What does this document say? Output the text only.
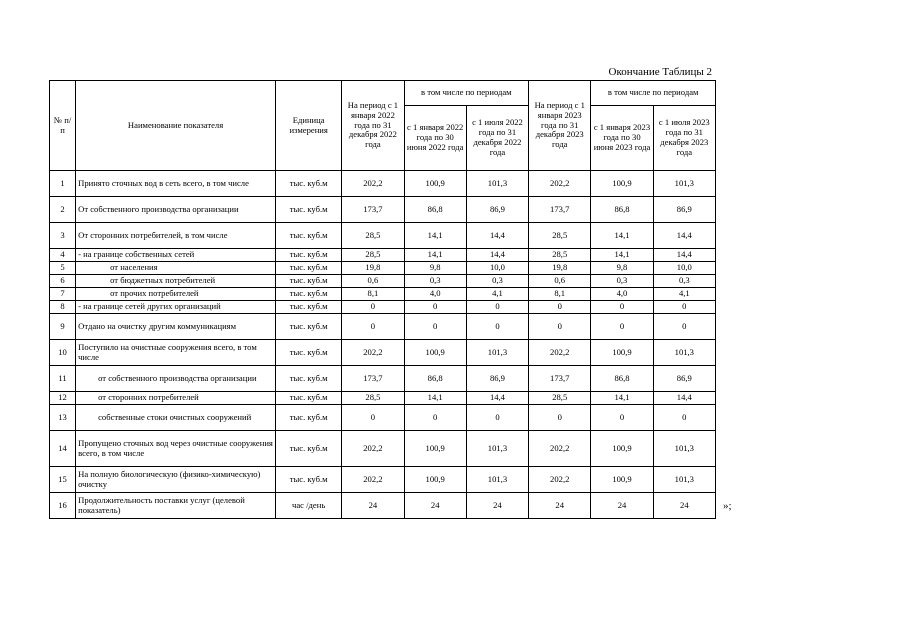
Окончание Таблицы 2
№ п/п	Наименование показателя	Единица измерения	На период с 1 января 2022 года по 31 декабря 2022 года	в том числе по периодам		На период с 1 января 2023 года по 31 декабря 2023 года	в том числе по периодам	
				с 1 января 2022 года по 30 июня 2022 года	с 1 июля 2022 года по 31 декабря 2022 года		с 1 января 2023 года по 30 июня 2023 года	с 1 июля 2023 года по 31 декабря 2023 года
1	Принято сточных вод в сеть всего, в том числе	тыс. куб.м	202,2	100,9	101,3	202,2	100,9	101,3
2	От собственного производства организации	тыс. куб.м	173,7	86,8	86,9	173,7	86,8	86,9
3	От сторонних потребителей, в том числе	тыс. куб.м	28,5	14,1	14,4	28,5	14,1	14,4
4	- на границе собственных сетей	тыс. куб.м	28,5	14,1	14,4	28,5	14,1	14,4
5	от населения	тыс. куб.м	19,8	9,8	10,0	19,8	9,8	10,0
6	от бюджетных потребителей	тыс. куб.м	0,6	0,3	0,3	0,6	0,3	0,3
7	от прочих потребителей	тыс. куб.м	8,1	4,0	4,1	8,1	4,0	4,1
8	- на границе сетей других организаций	тыс. куб.м	0	0	0	0	0	0
9	Отдано на очистку другим коммуникациям	тыс. куб.м	0	0	0	0	0	0
10	Поступило на очистные сооружения всего, в том числе	тыс. куб.м	202,2	100,9	101,3	202,2	100,9	101,3
11	от собственного производства организации	тыс. куб.м	173,7	86,8	86,9	173,7	86,8	86,9
12	от сторонних потребителей	тыс. куб.м	28,5	14,1	14,4	28,5	14,1	14,4
13	собственные стоки очистных сооружений	тыс. куб.м	0	0	0	0	0	0
14	Пропущено сточных вод через очистные сооружения всего, в том числе	тыс. куб.м	202,2	100,9	101,3	202,2	100,9	101,3
15	На полную биологическую (физико-химическую) очистку	тыс. куб.м	202,2	100,9	101,3	202,2	100,9	101,3
16	Продолжительность поставки услуг (целевой показатель)	час /день	24	24	24	24	24	24	»;
